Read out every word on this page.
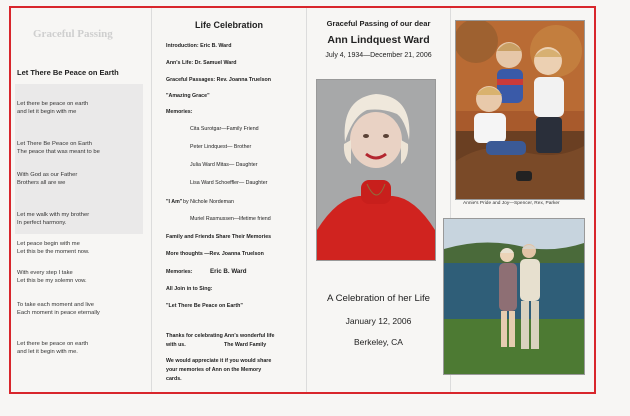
Graceful Passing
Let There Be Peace on Earth
Let there be peace on earth
and let it begin with me
Let There Be Peace on Earth
The peace that was meant to be
With God as our Father
Brothers all are we
Let me walk with my brother
In perfect harmony.
Let peace begin with me
Let this be the moment now.
With every step I take
Let this be my solemn vow.
To take each moment and live
Each moment in peace eternally
Let there be peace on earth
and let it begin with me.
Life Celebration
Introduction: Eric B. Ward
Ann's Life: Dr. Samuel Ward
Graceful Passages: Rev. Joanna Truelson
"Amazing Grace"
Memories:
Cita Surotgar—Family Friend
Peter Lindquest— Brother
Julia Ward Mitas— Daughter
Lisa Ward Schoeffler— Daughter
"I Am" by Nichole Nordeman
Muriel Rasmussen—lifetime friend
Family and Friends Share Their Memories
More thoughts —Rev. Joanna Truelson
Memories:	Eric B. Ward
All Join in to Sing:
"Let There Be Peace on Earth"
Thanks for celebrating Ann's wonderful life
with us.	The Ward Family
We would appreciate it if you would share
your memories of Ann on the Memory
cards.
Graceful Passing of our dear
Ann Lindquest Ward
July 4, 1934—December 21, 2006
A Celebration of her Life
January 12, 2006
Berkeley, CA
Annie's Pride and Joy—Spencer, Rex, Parker
